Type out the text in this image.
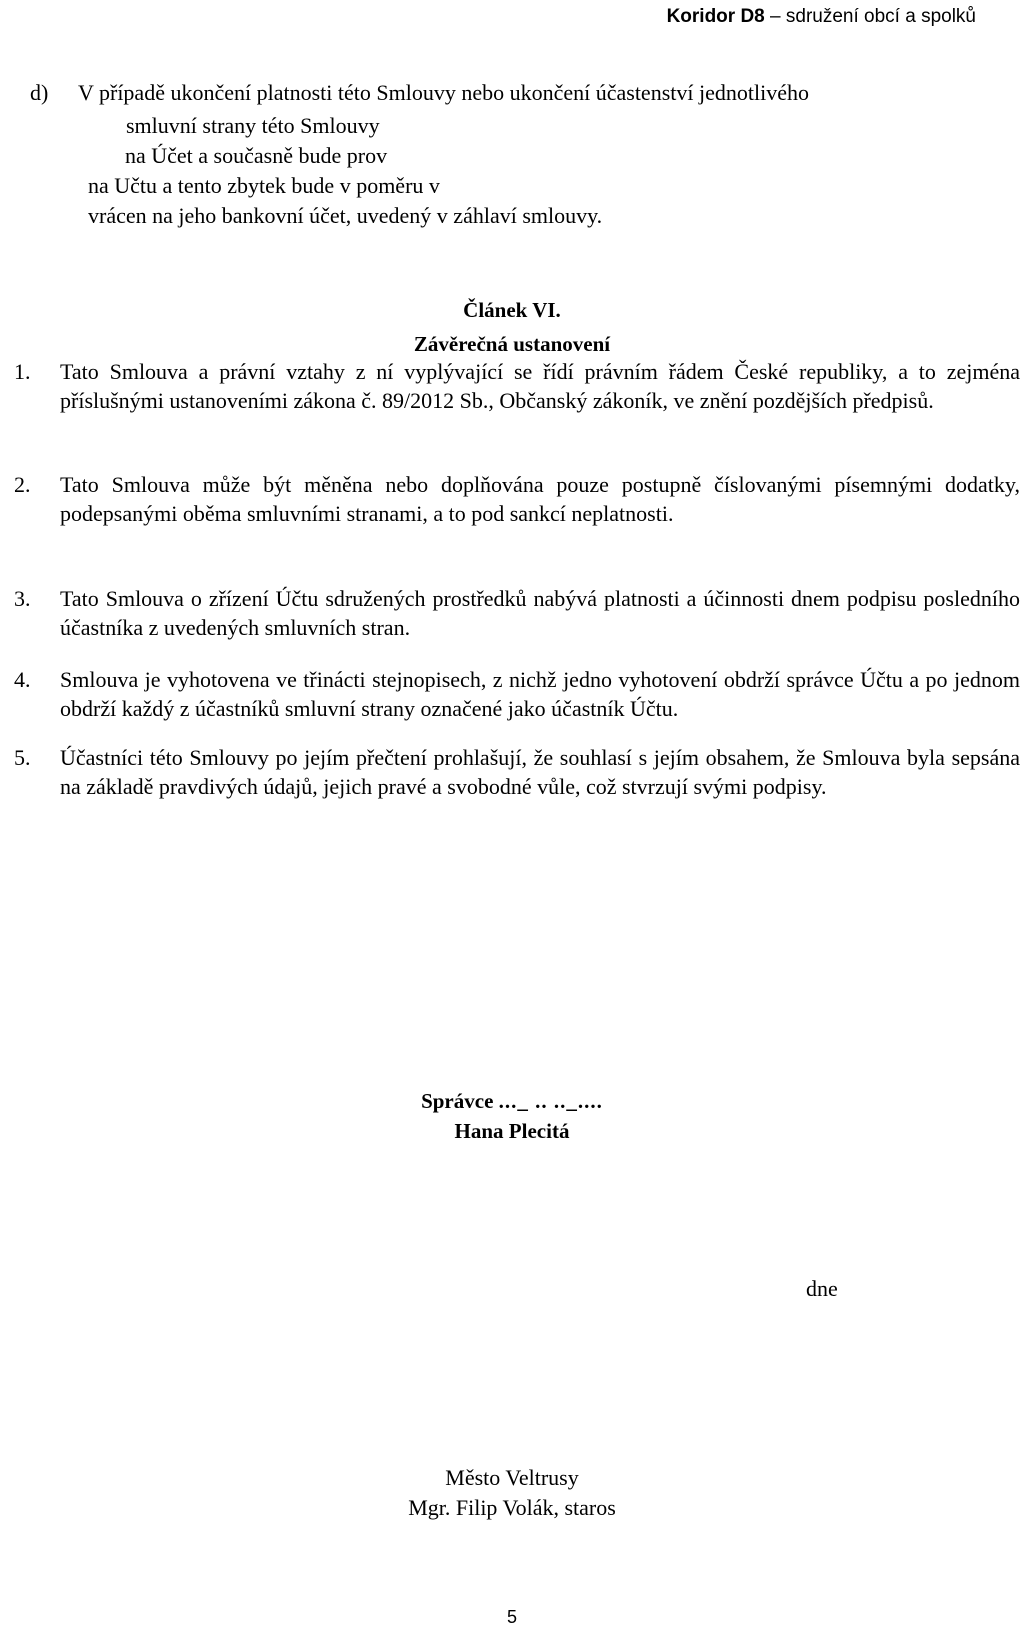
Koridor D8 – sdružení obcí a spolků
d) V případě ukončení platnosti této Smlouvy nebo ukončení účastenství jednotlivého
smluvní strany této Smlouvy
na Účet a současně bude prov
na Učtu a tento zbytek bude v poměru v
vrácen na jeho bankovní účet, uvedený v záhlaví smlouvy.
Článek VI.
Závěrečná ustanovení
1. Tato Smlouva a právní vztahy z ní vyplývající se řídí právním řádem České republiky, a to zejména příslušnými ustanoveními zákona č. 89/2012 Sb., Občanský zákoník, ve znění pozdějších předpisů.
2. Tato Smlouva může být měněna nebo doplňována pouze postupně číslovanými písemnými dodatky, podepsanými oběma smluvními stranami, a to pod sankcí neplatnosti.
3. Tato Smlouva o zřízení Účtu sdružených prostředků nabývá platnosti a účinnosti dnem podpisu posledního účastníka z uvedených smluvních stran.
4. Smlouva je vyhotovena ve třinácti stejnopisech, z nichž jedno vyhotovení obdrží správce Účtu a po jednom obdrží každý z účastníků smluvní strany označené jako účastník Účtu.
5. Účastníci této Smlouvy po jejím přečtení prohlašují, že souhlasí s jejím obsahem, že Smlouva byla sepsána na základě pravdivých údajů, jejich pravé a svobodné vůle, což stvrzují svými podpisy.
Správce ..._ .. .._....
Hana Plecitá
dne
Město Veltrusy
Mgr. Filip Volák, staros
5
